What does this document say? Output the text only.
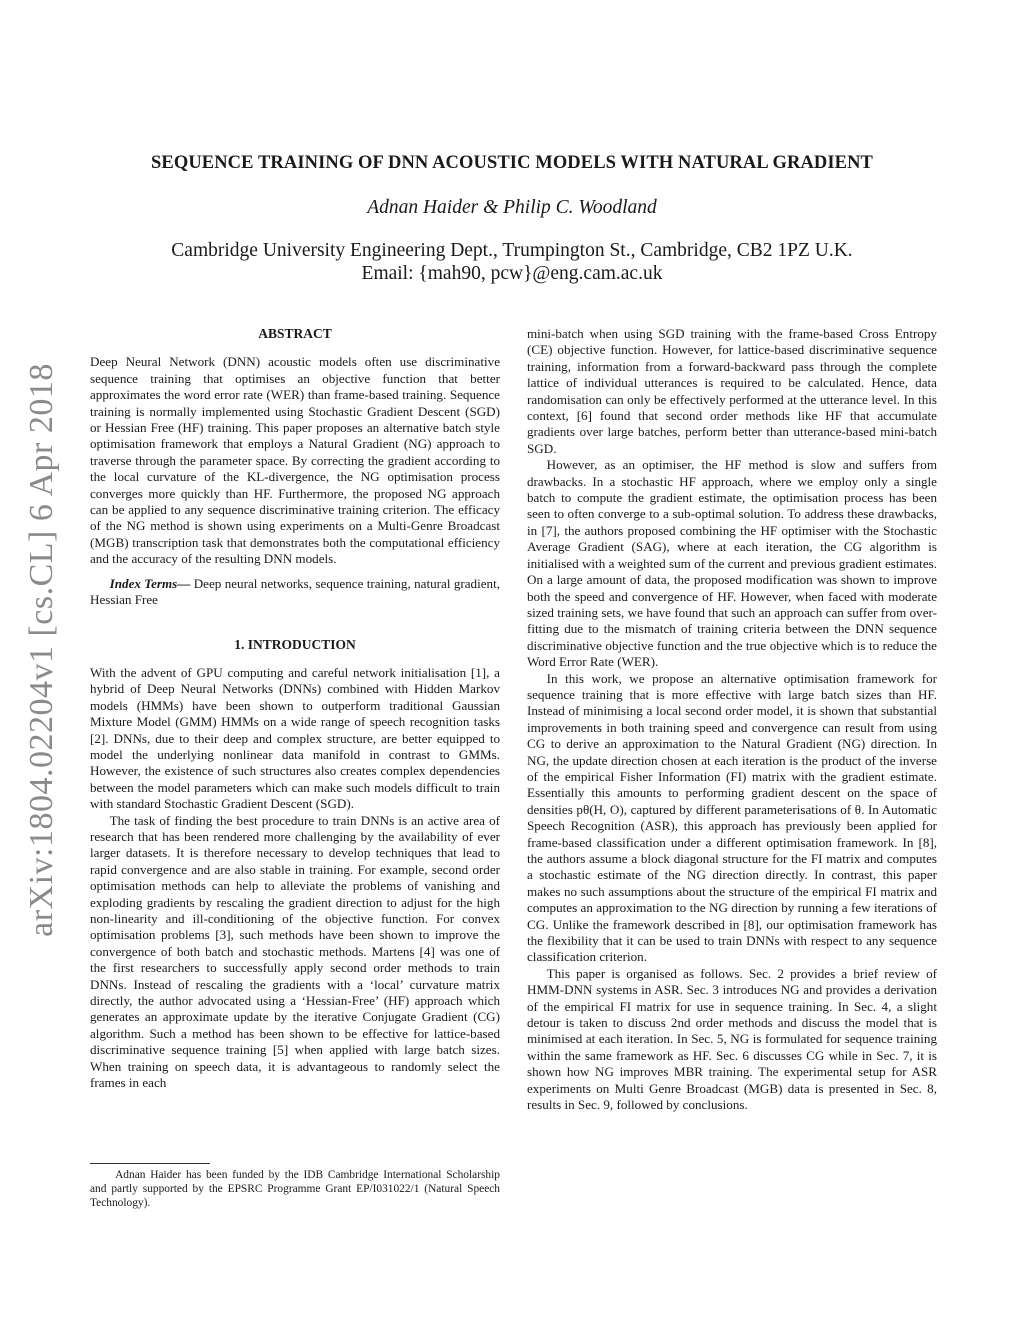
arXiv:1804.02204v1 [cs.CL] 6 Apr 2018
SEQUENCE TRAINING OF DNN ACOUSTIC MODELS WITH NATURAL GRADIENT
Adnan Haider & Philip C. Woodland
Cambridge University Engineering Dept., Trumpington St., Cambridge, CB2 1PZ U.K.
Email: {mah90, pcw}@eng.cam.ac.uk
ABSTRACT

Deep Neural Network (DNN) acoustic models often use discriminative sequence training that optimises an objective function that better approximates the word error rate (WER) than frame-based training. Sequence training is normally implemented using Stochastic Gradient Descent (SGD) or Hessian Free (HF) training. This paper proposes an alternative batch style optimisation framework that employs a Natural Gradient (NG) approach to traverse through the parameter space. By correcting the gradient according to the local curvature of the KL-divergence, the NG optimisation process converges more quickly than HF. Furthermore, the proposed NG approach can be applied to any sequence discriminative training criterion. The efficacy of the NG method is shown using experiments on a Multi-Genre Broadcast (MGB) transcription task that demonstrates both the computational efficiency and the accuracy of the resulting DNN models.

Index Terms— Deep neural networks, sequence training, natural gradient, Hessian Free

1. INTRODUCTION

With the advent of GPU computing and careful network initialisation [1], a hybrid of Deep Neural Networks (DNNs) combined with Hidden Markov models (HMMs) have been shown to outperform traditional Gaussian Mixture Model (GMM) HMMs on a wide range of speech recognition tasks [2]. DNNs, due to their deep and complex structure, are better equipped to model the underlying nonlinear data manifold in contrast to GMMs. However, the existence of such structures also creates complex dependencies between the model parameters which can make such models difficult to train with standard Stochastic Gradient Descent (SGD).

The task of finding the best procedure to train DNNs is an active area of research that has been rendered more challenging by the availability of ever larger datasets. It is therefore necessary to develop techniques that lead to rapid convergence and are also stable in training. For example, second order optimisation methods can help to alleviate the problems of vanishing and exploding gradients by rescaling the gradient direction to adjust for the high non-linearity and ill-conditioning of the objective function. For convex optimisation problems [3], such methods have been shown to improve the convergence of both batch and stochastic methods. Martens [4] was one of the first researchers to successfully apply second order methods to train DNNs. Instead of rescaling the gradients with a ‘local’ curvature matrix directly, the author advocated using a ‘Hessian-Free’ (HF) approach which generates an approximate update by the iterative Conjugate Gradient (CG) algorithm. Such a method has been shown to be effective for lattice-based discriminative sequence training [5] when applied with large batch sizes. When training on speech data, it is advantageous to randomly select the frames in each

mini-batch when using SGD training with the frame-based Cross Entropy (CE) objective function. However, for lattice-based discriminative sequence training, information from a forward-backward pass through the complete lattice of individual utterances is required to be calculated. Hence, data randomisation can only be effectively performed at the utterance level. In this context, [6] found that second order methods like HF that accumulate gradients over large batches, perform better than utterance-based mini-batch SGD.

However, as an optimiser, the HF method is slow and suffers from drawbacks. In a stochastic HF approach, where we employ only a single batch to compute the gradient estimate, the optimisation process has been seen to often converge to a sub-optimal solution. To address these drawbacks, in [7], the authors proposed combining the HF optimiser with the Stochastic Average Gradient (SAG), where at each iteration, the CG algorithm is initialised with a weighted sum of the current and previous gradient estimates. On a large amount of data, the proposed modification was shown to improve both the speed and convergence of HF. However, when faced with moderate sized training sets, we have found that such an approach can suffer from over-fitting due to the mismatch of training criteria between the DNN sequence discriminative objective function and the true objective which is to reduce the Word Error Rate (WER).

In this work, we propose an alternative optimisation framework for sequence training that is more effective with large batch sizes than HF. Instead of minimising a local second order model, it is shown that substantial improvements in both training speed and convergence can result from using CG to derive an approximation to the Natural Gradient (NG) direction. In NG, the update direction chosen at each iteration is the product of the inverse of the empirical Fisher Information (FI) matrix with the gradient estimate. Essentially this amounts to performing gradient descent on the space of densities pθ(H, O), captured by different parameterisations of θ. In Automatic Speech Recognition (ASR), this approach has previously been applied for frame-based classification under a different optimisation framework. In [8], the authors assume a block diagonal structure for the FI matrix and computes a stochastic estimate of the NG direction directly. In contrast, this paper makes no such assumptions about the structure of the empirical FI matrix and computes an approximation to the NG direction by running a few iterations of CG. Unlike the framework described in [8], our optimisation framework has the flexibility that it can be used to train DNNs with respect to any sequence classification criterion.

This paper is organised as follows. Sec. 2 provides a brief review of HMM-DNN systems in ASR. Sec. 3 introduces NG and provides a derivation of the empirical FI matrix for use in sequence training. In Sec. 4, a slight detour is taken to discuss 2nd order methods and discuss the model that is minimised at each iteration. In Sec. 5, NG is formulated for sequence training within the same framework as HF. Sec. 6 discusses CG while in Sec. 7, it is shown how NG improves MBR training. The experimental setup for ASR experiments on Multi Genre Broadcast (MGB) data is presented in Sec. 8, results in Sec. 9, followed by conclusions.

Adnan Haider has been funded by the IDB Cambridge International Scholarship and partly supported by the EPSRC Programme Grant EP/I031022/1 (Natural Speech Technology).
